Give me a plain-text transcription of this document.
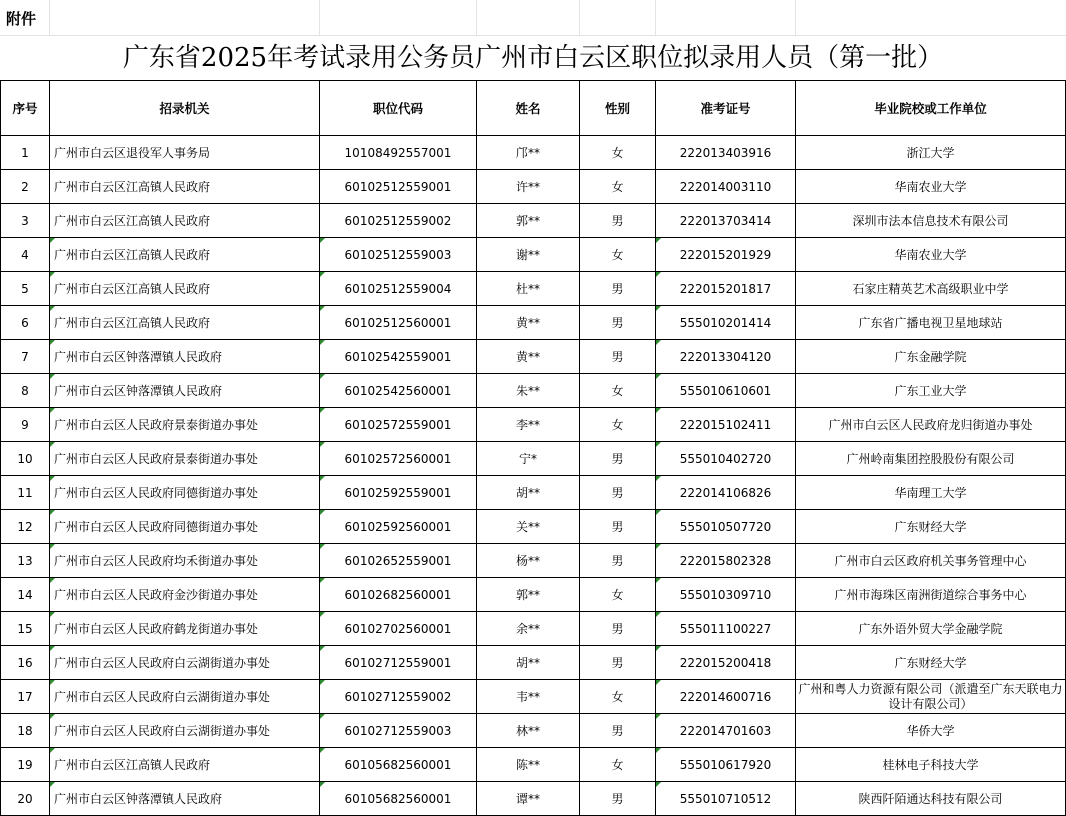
附件
广东省2025年考试录用公务员广州市白云区职位拟录用人员（第一批）
序号	招录机关	职位代码	姓名	性别	准考证号	毕业院校或工作单位
1	广州市白云区退役军人事务局	10108492557001	邝**	女	222013403916	浙江大学
2	广州市白云区江高镇人民政府	60102512559001	许**	女	222014003110	华南农业大学
3	广州市白云区江高镇人民政府	60102512559002	郭**	男	222013703414	深圳市法本信息技术有限公司
4	广州市白云区江高镇人民政府	60102512559003	谢**	女	222015201929	华南农业大学
5	广州市白云区江高镇人民政府	60102512559004	杜**	男	222015201817	石家庄精英艺术高级职业中学
6	广州市白云区江高镇人民政府	60102512560001	黄**	男	555010201414	广东省广播电视卫星地球站
7	广州市白云区钟落潭镇人民政府	60102542559001	黄**	男	222013304120	广东金融学院
8	广州市白云区钟落潭镇人民政府	60102542560001	朱**	女	555010610601	广东工业大学
9	广州市白云区人民政府景泰街道办事处	60102572559001	李**	女	222015102411	广州市白云区人民政府龙归街道办事处
10	广州市白云区人民政府景泰街道办事处	60102572560001	宁*	男	555010402720	广州岭南集团控股股份有限公司
11	广州市白云区人民政府同德街道办事处	60102592559001	胡**	男	222014106826	华南理工大学
12	广州市白云区人民政府同德街道办事处	60102592560001	关**	男	555010507720	广东财经大学
13	广州市白云区人民政府均禾街道办事处	60102652559001	杨**	男	222015802328	广州市白云区政府机关事务管理中心
14	广州市白云区人民政府金沙街道办事处	60102682560001	郭**	女	555010309710	广州市海珠区南洲街道综合事务中心
15	广州市白云区人民政府鹤龙街道办事处	60102702560001	余**	男	555011100227	广东外语外贸大学金融学院
16	广州市白云区人民政府白云湖街道办事处	60102712559001	胡**	男	222015200418	广东财经大学
17	广州市白云区人民政府白云湖街道办事处	60102712559002	韦**	女	222014600716	广州和粤人力资源有限公司（派遣至广东天联电力设计有限公司）
18	广州市白云区人民政府白云湖街道办事处	60102712559003	林**	男	222014701603	华侨大学
19	广州市白云区江高镇人民政府	60105682560001	陈**	女	555010617920	桂林电子科技大学
20	广州市白云区钟落潭镇人民政府	60105682560001	谭**	男	555010710512	陕西阡陌通达科技有限公司
